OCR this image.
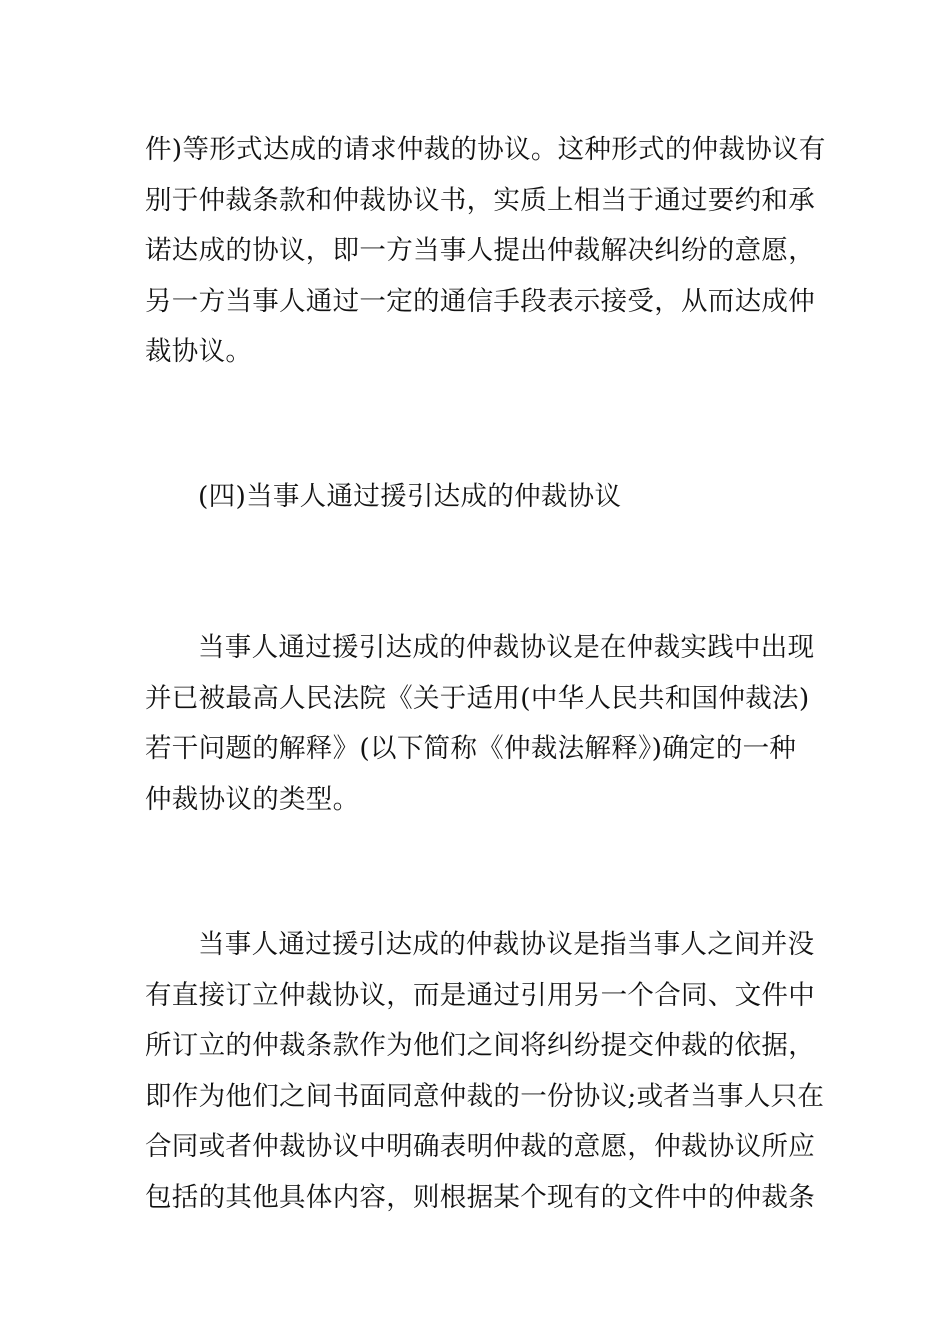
件)等形式达成的请求仲裁的协议。这种形式的仲裁协议有
别于仲裁条款和仲裁协议书，实质上相当于通过要约和承
诺达成的协议，即一方当事人提出仲裁解决纠纷的意愿，
另一方当事人通过一定的通信手段表示接受，从而达成仲
裁协议。

(四)当事人通过援引达成的仲裁协议

当事人通过援引达成的仲裁协议是在仲裁实践中出现
并已被最高人民法院《关于适用(中华人民共和国仲裁法)
若干问题的解释》(以下简称《仲裁法解释》)确定的一种
仲裁协议的类型。

当事人通过援引达成的仲裁协议是指当事人之间并没
有直接订立仲裁协议，而是通过引用另一个合同、文件中
所订立的仲裁条款作为他们之间将纠纷提交仲裁的依据，
即作为他们之间书面同意仲裁的一份协议;或者当事人只在
合同或者仲裁协议中明确表明仲裁的意愿，仲裁协议所应
包括的其他具体内容，则根据某个现有的文件中的仲裁条
